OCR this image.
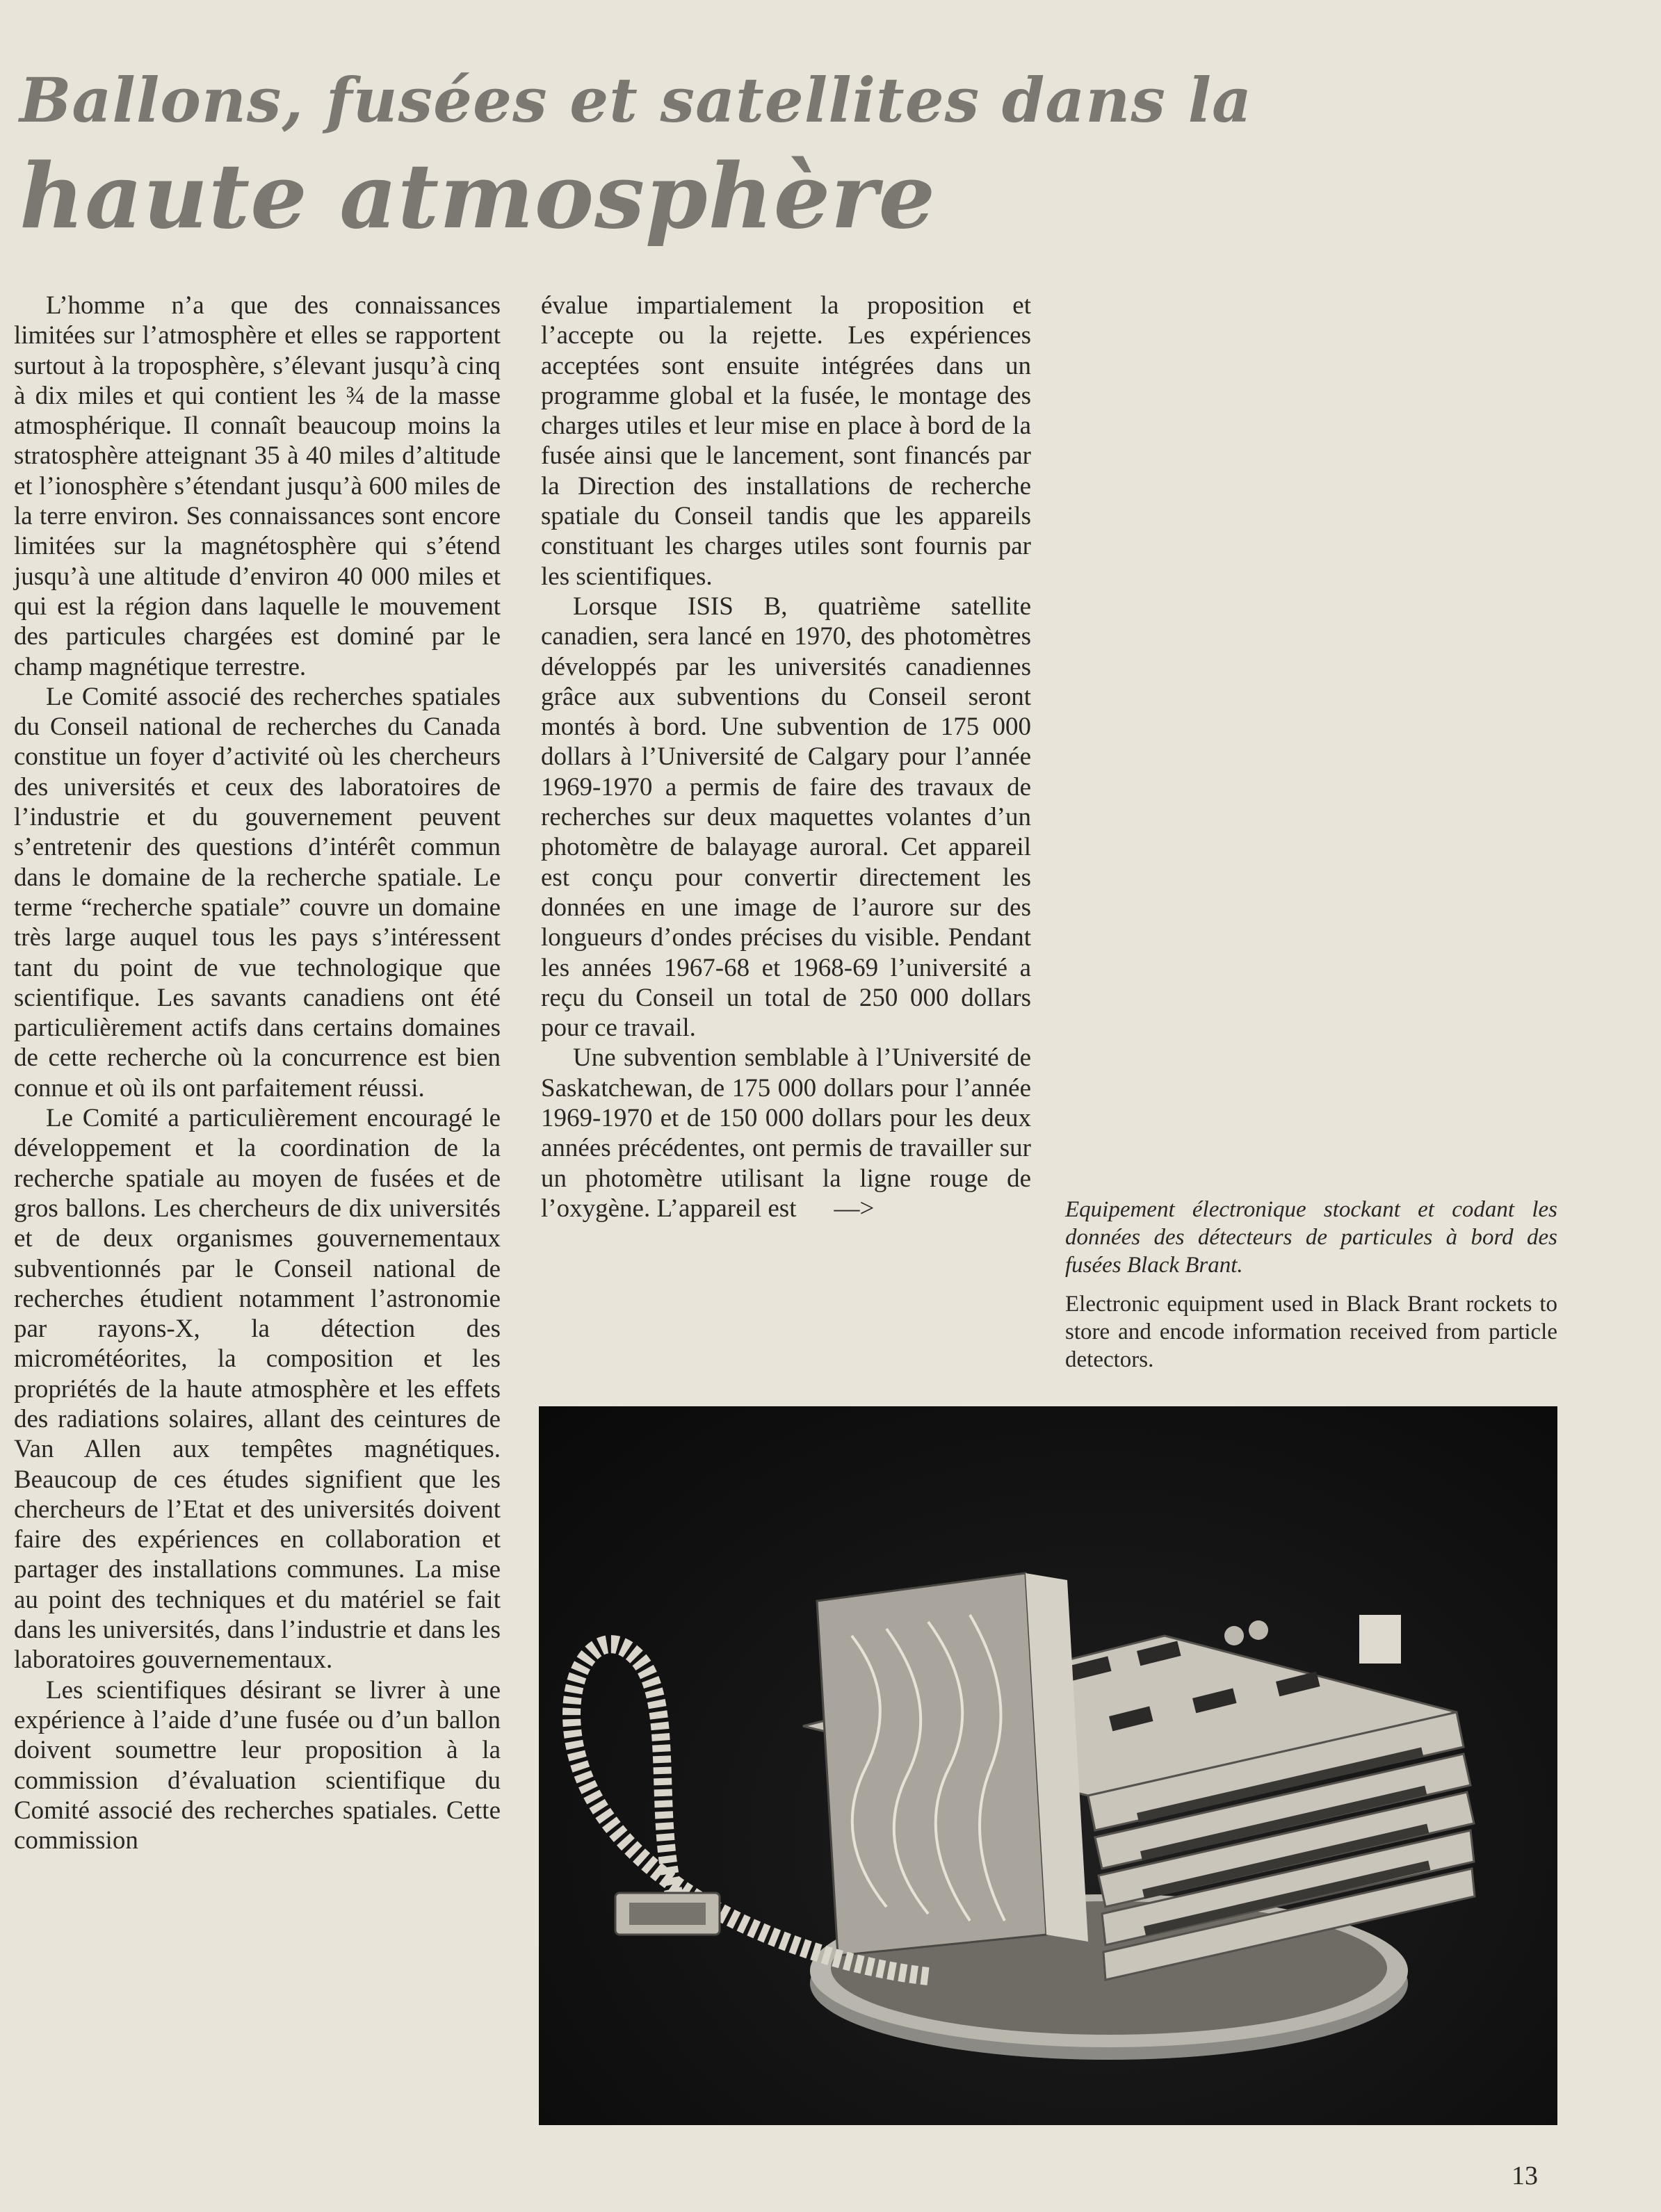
Ballons, fusées et satellites dans la
haute atmosphère

L’homme n’a que des connaissances limitées sur l’atmosphère et elles se rapportent surtout à la troposphère, s’élevant jusqu’à cinq à dix miles et qui contient les ¾ de la masse atmosphérique. Il connaît beaucoup moins la stratosphère atteignant 35 à 40 miles d’altitude et l’ionosphère s’étendant jusqu’à 600 miles de la terre environ. Ses connaissances sont encore limitées sur la magnétosphère qui s’étend jusqu’à une altitude d’environ 40 000 miles et qui est la région dans laquelle le mouvement des particules chargées est dominé par le champ magnétique terrestre.

Le Comité associé des recherches spatiales du Conseil national de recherches du Canada constitue un foyer d’activité où les chercheurs des universités et ceux des laboratoires de l’industrie et du gouvernement peuvent s’entretenir des questions d’intérêt commun dans le domaine de la recherche spatiale. Le terme “recherche spatiale” couvre un domaine très large auquel tous les pays s’intéressent tant du point de vue technologique que scientifique. Les savants canadiens ont été particulièrement actifs dans certains domaines de cette recherche où la concurrence est bien connue et où ils ont parfaitement réussi.

Le Comité a particulièrement encouragé le développement et la coordination de la recherche spatiale au moyen de fusées et de gros ballons. Les chercheurs de dix universités et de deux organismes gouvernementaux subventionnés par le Conseil national de recherches étudient notamment l’astronomie par rayons-X, la détection des micrométéorites, la composition et les propriétés de la haute atmosphère et les effets des radiations solaires, allant des ceintures de Van Allen aux tempêtes magnétiques. Beaucoup de ces études signifient que les chercheurs de l’Etat et des universités doivent faire des expériences en collaboration et partager des installations communes. La mise au point des techniques et du matériel se fait dans les universités, dans l’industrie et dans les laboratoires gouvernementaux.

Les scientifiques désirant se livrer à une expérience à l’aide d’une fusée ou d’un ballon doivent soumettre leur proposition à la commission d’évaluation scientifique du Comité associé des recherches spatiales. Cette commission

évalue impartialement la proposition et l’accepte ou la rejette. Les expériences acceptées sont ensuite intégrées dans un programme global et la fusée, le montage des charges utiles et leur mise en place à bord de la fusée ainsi que le lancement, sont financés par la Direction des installations de recherche spatiale du Conseil tandis que les appareils constituant les charges utiles sont fournis par les scientifiques.

Lorsque ISIS B, quatrième satellite canadien, sera lancé en 1970, des photomètres développés par les universités canadiennes grâce aux subventions du Conseil seront montés à bord. Une subvention de 175 000 dollars à l’Université de Calgary pour l’année 1969-1970 a permis de faire des travaux de recherches sur deux maquettes volantes d’un photomètre de balayage auroral. Cet appareil est conçu pour convertir directement les données en une image de l’aurore sur des longueurs d’ondes précises du visible. Pendant les années 1967-68 et 1968-69 l’université a reçu du Conseil un total de 250 000 dollars pour ce travail.

Une subvention semblable à l’Université de Saskatchewan, de 175 000 dollars pour l’année 1969-1970 et de 150 000 dollars pour les deux années précédentes, ont permis de travailler sur un photomètre utilisant la ligne rouge de l’oxygène. L’appareil est —>	Equipement électronique stockant et codant les données des détecteurs de particules à bord des fusées Black Brant.

Electronic equipment used in Black Brant rockets to store and encode information received from particle detectors.

13
